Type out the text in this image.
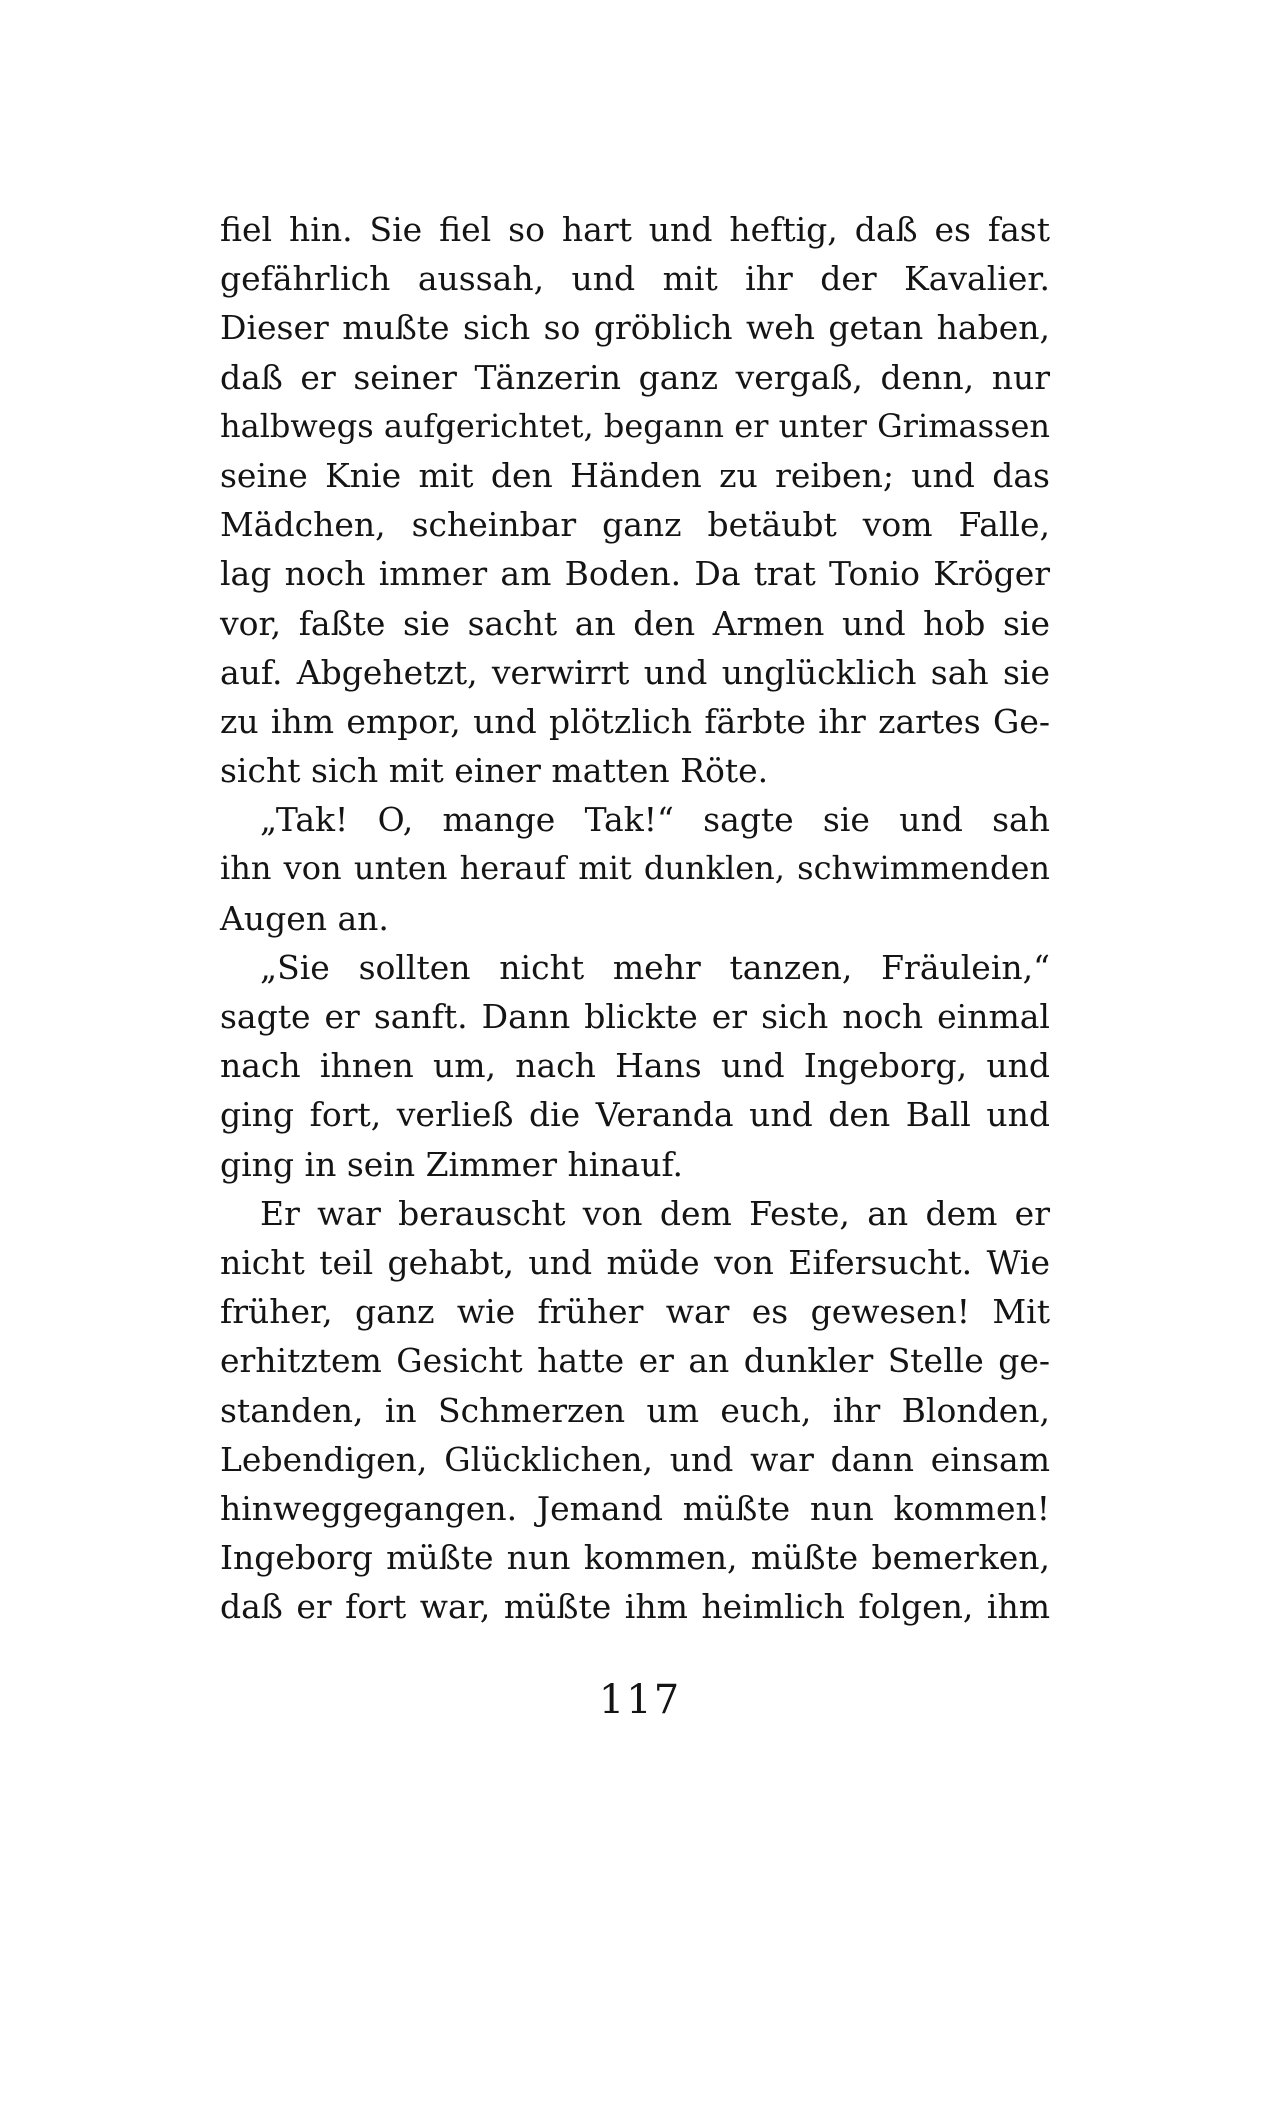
fiel hin. Sie fiel so hart und heftig, daß es fast
gefährlich aussah, und mit ihr der Kavalier.
Dieser mußte sich so gröblich weh getan haben,
daß er seiner Tänzerin ganz vergaß, denn, nur
halbwegs aufgerichtet, begann er unter Grimassen
seine Knie mit den Händen zu reiben; und das
Mädchen, scheinbar ganz betäubt vom Falle,
lag noch immer am Boden. Da trat Tonio Kröger
vor, faßte sie sacht an den Armen und hob sie
auf. Abgehetzt, verwirrt und unglücklich sah sie
zu ihm empor, und plötzlich färbte ihr zartes Ge-
sicht sich mit einer matten Röte.
„Tak! O, mange Tak!“ sagte sie und sah
ihn von unten herauf mit dunklen, schwimmenden
Augen an.
„Sie sollten nicht mehr tanzen, Fräulein,“
sagte er sanft. Dann blickte er sich noch einmal
nach ihnen um, nach Hans und Ingeborg, und
ging fort, verließ die Veranda und den Ball und
ging in sein Zimmer hinauf.
Er war berauscht von dem Feste, an dem er
nicht teil gehabt, und müde von Eifersucht. Wie
früher, ganz wie früher war es gewesen! Mit
erhitztem Gesicht hatte er an dunkler Stelle ge-
standen, in Schmerzen um euch, ihr Blonden,
Lebendigen, Glücklichen, und war dann einsam
hinweggegangen. Jemand müßte nun kommen!
Ingeborg müßte nun kommen, müßte bemerken,
daß er fort war, müßte ihm heimlich folgen, ihm
117
